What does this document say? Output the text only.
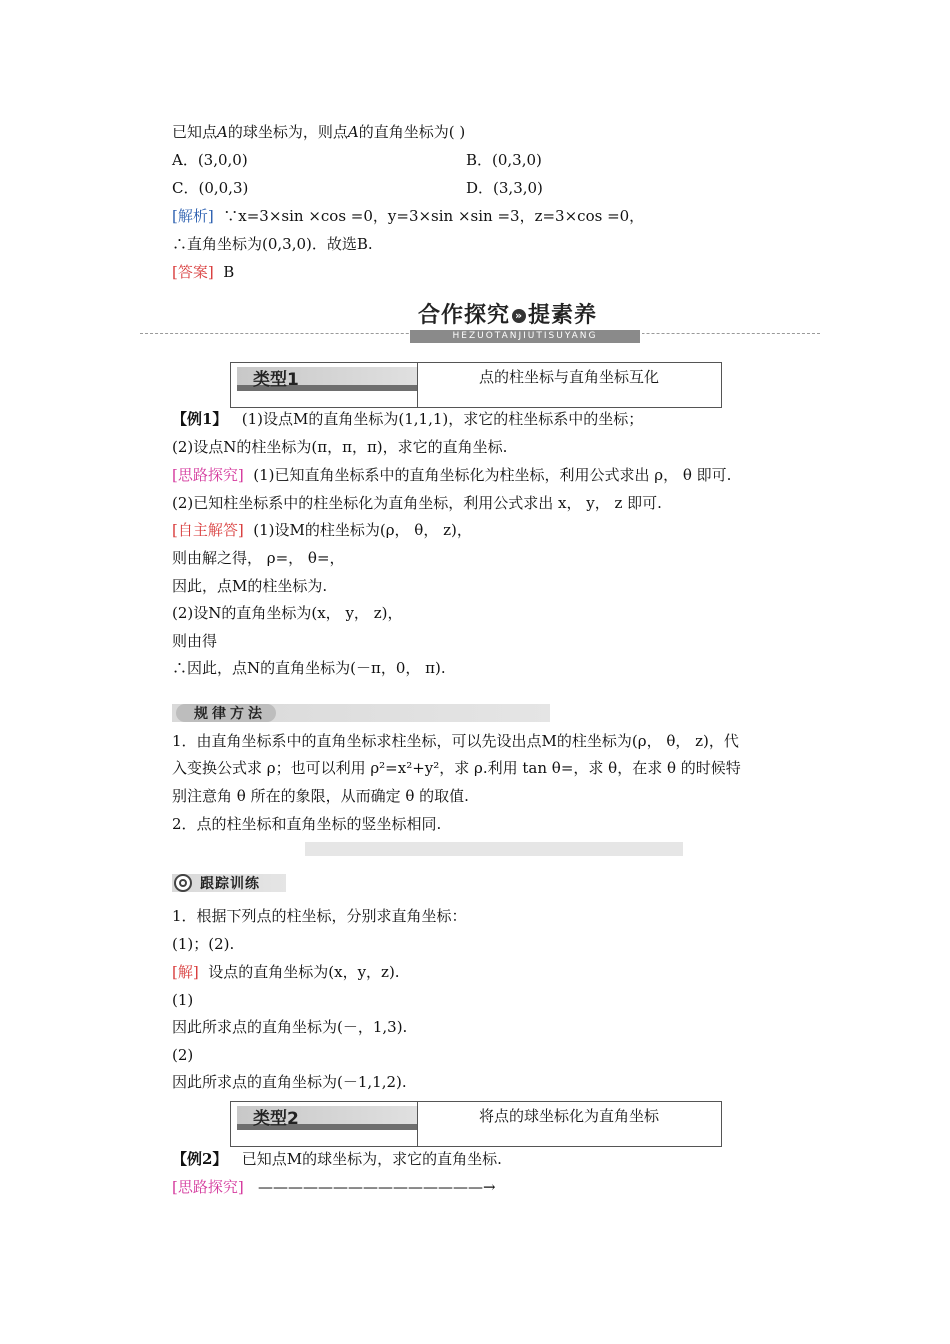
已知点A的球坐标为，则点A的直角坐标为( )
A．(3,0,0)	B．(0,3,0)
C．(0,0,3)	D．(3,3,0)
[解析] ∵x=3×sin ×cos =0，y=3×sin ×sin =3，z=3×cos =0，
∴直角坐标为(0,3,0)．故选B.
[答案] B
合作探究 » 提素养
HEZUOTANJIUTISUYANG
类型1	点的柱坐标与直角坐标互化
【例1】 (1)设点M的直角坐标为(1,1,1)，求它的柱坐标系中的坐标；
(2)设点N的柱坐标为(π，π，π)，求它的直角坐标.
[思路探究] (1)已知直角坐标系中的直角坐标化为柱坐标，利用公式求出 ρ， θ 即可.
(2)已知柱坐标系中的柱坐标化为直角坐标，利用公式求出 x， y， z 即可.
[自主解答] (1)设M的柱坐标为(ρ， θ， z)，
则由解之得， ρ=， θ=，
因此，点M的柱坐标为.
(2)设N的直角坐标为(x， y， z)，
则由得
∴因此，点N的直角坐标为(－π，0， π).
规律方法
1．由直角坐标系中的直角坐标求柱坐标，可以先设出点M的柱坐标为(ρ， θ， z)，代
入变换公式求 ρ；也可以利用 ρ²=x²+y²，求 ρ.利用 tan θ=，求 θ，在求 θ 的时候特
别注意角 θ 所在的象限，从而确定 θ 的取值.
2．点的柱坐标和直角坐标的竖坐标相同.
跟踪训练
1．根据下列点的柱坐标，分别求直角坐标：
(1)；(2).
[解] 设点的直角坐标为(x，y，z).
(1)
因此所求点的直角坐标为(－，1,3).
(2)
因此所求点的直角坐标为(－1,1,2).
类型2	将点的球坐标化为直角坐标
【例2】 已知点M的球坐标为，求它的直角坐标.
[思路探究] ———————————————→
